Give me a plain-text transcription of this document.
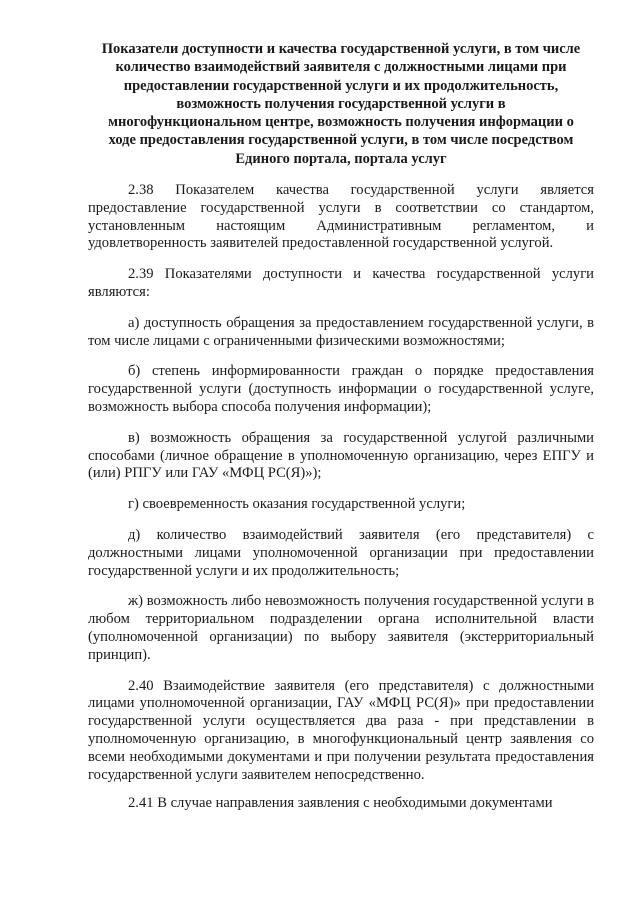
Показатели доступности и качества государственной услуги, в том числе
количество взаимодействий заявителя с должностными лицами при
предоставлении государственной услуги и их продолжительность,
возможность получения государственной услуги в
многофункциональном центре, возможность получения информации о
ходе предоставления государственной услуги, в том числе посредством
Единого портала, портала услуг

2.38 Показателем качества государственной услуги является предоставление государственной услуги в соответствии со стандартом, установленным настоящим Административным регламентом, и удовлетворенность заявителей предоставленной государственной услугой.

2.39 Показателями доступности и качества государственной услуги являются:

а) доступность обращения за предоставлением государственной услуги, в том числе лицами с ограниченными физическими возможностями;

б) степень информированности граждан о порядке предоставления государственной услуги (доступность информации о государственной услуге, возможность выбора способа получения информации);

в) возможность обращения за государственной услугой различными способами (личное обращение в уполномоченную организацию, через ЕПГУ и (или) РПГУ или ГАУ «МФЦ РС(Я)»);

г) своевременность оказания государственной услуги;

д) количество взаимодействий заявителя (его представителя) с должностными лицами уполномоченной организации при предоставлении государственной услуги и их продолжительность;

ж) возможность либо невозможность получения государственной услуги в любом территориальном подразделении органа исполнительной власти (уполномоченной организации) по выбору заявителя (экстерриториальный принцип).

2.40 Взаимодействие заявителя (его представителя) с должностными лицами уполномоченной организации, ГАУ «МФЦ РС(Я)» при предоставлении государственной услуги осуществляется два раза - при представлении в уполномоченную организацию, в многофункциональный центр заявления со всеми необходимыми документами и при получении результата предоставления государственной услуги заявителем непосредственно.

2.41 В случае направления заявления с необходимыми документами
